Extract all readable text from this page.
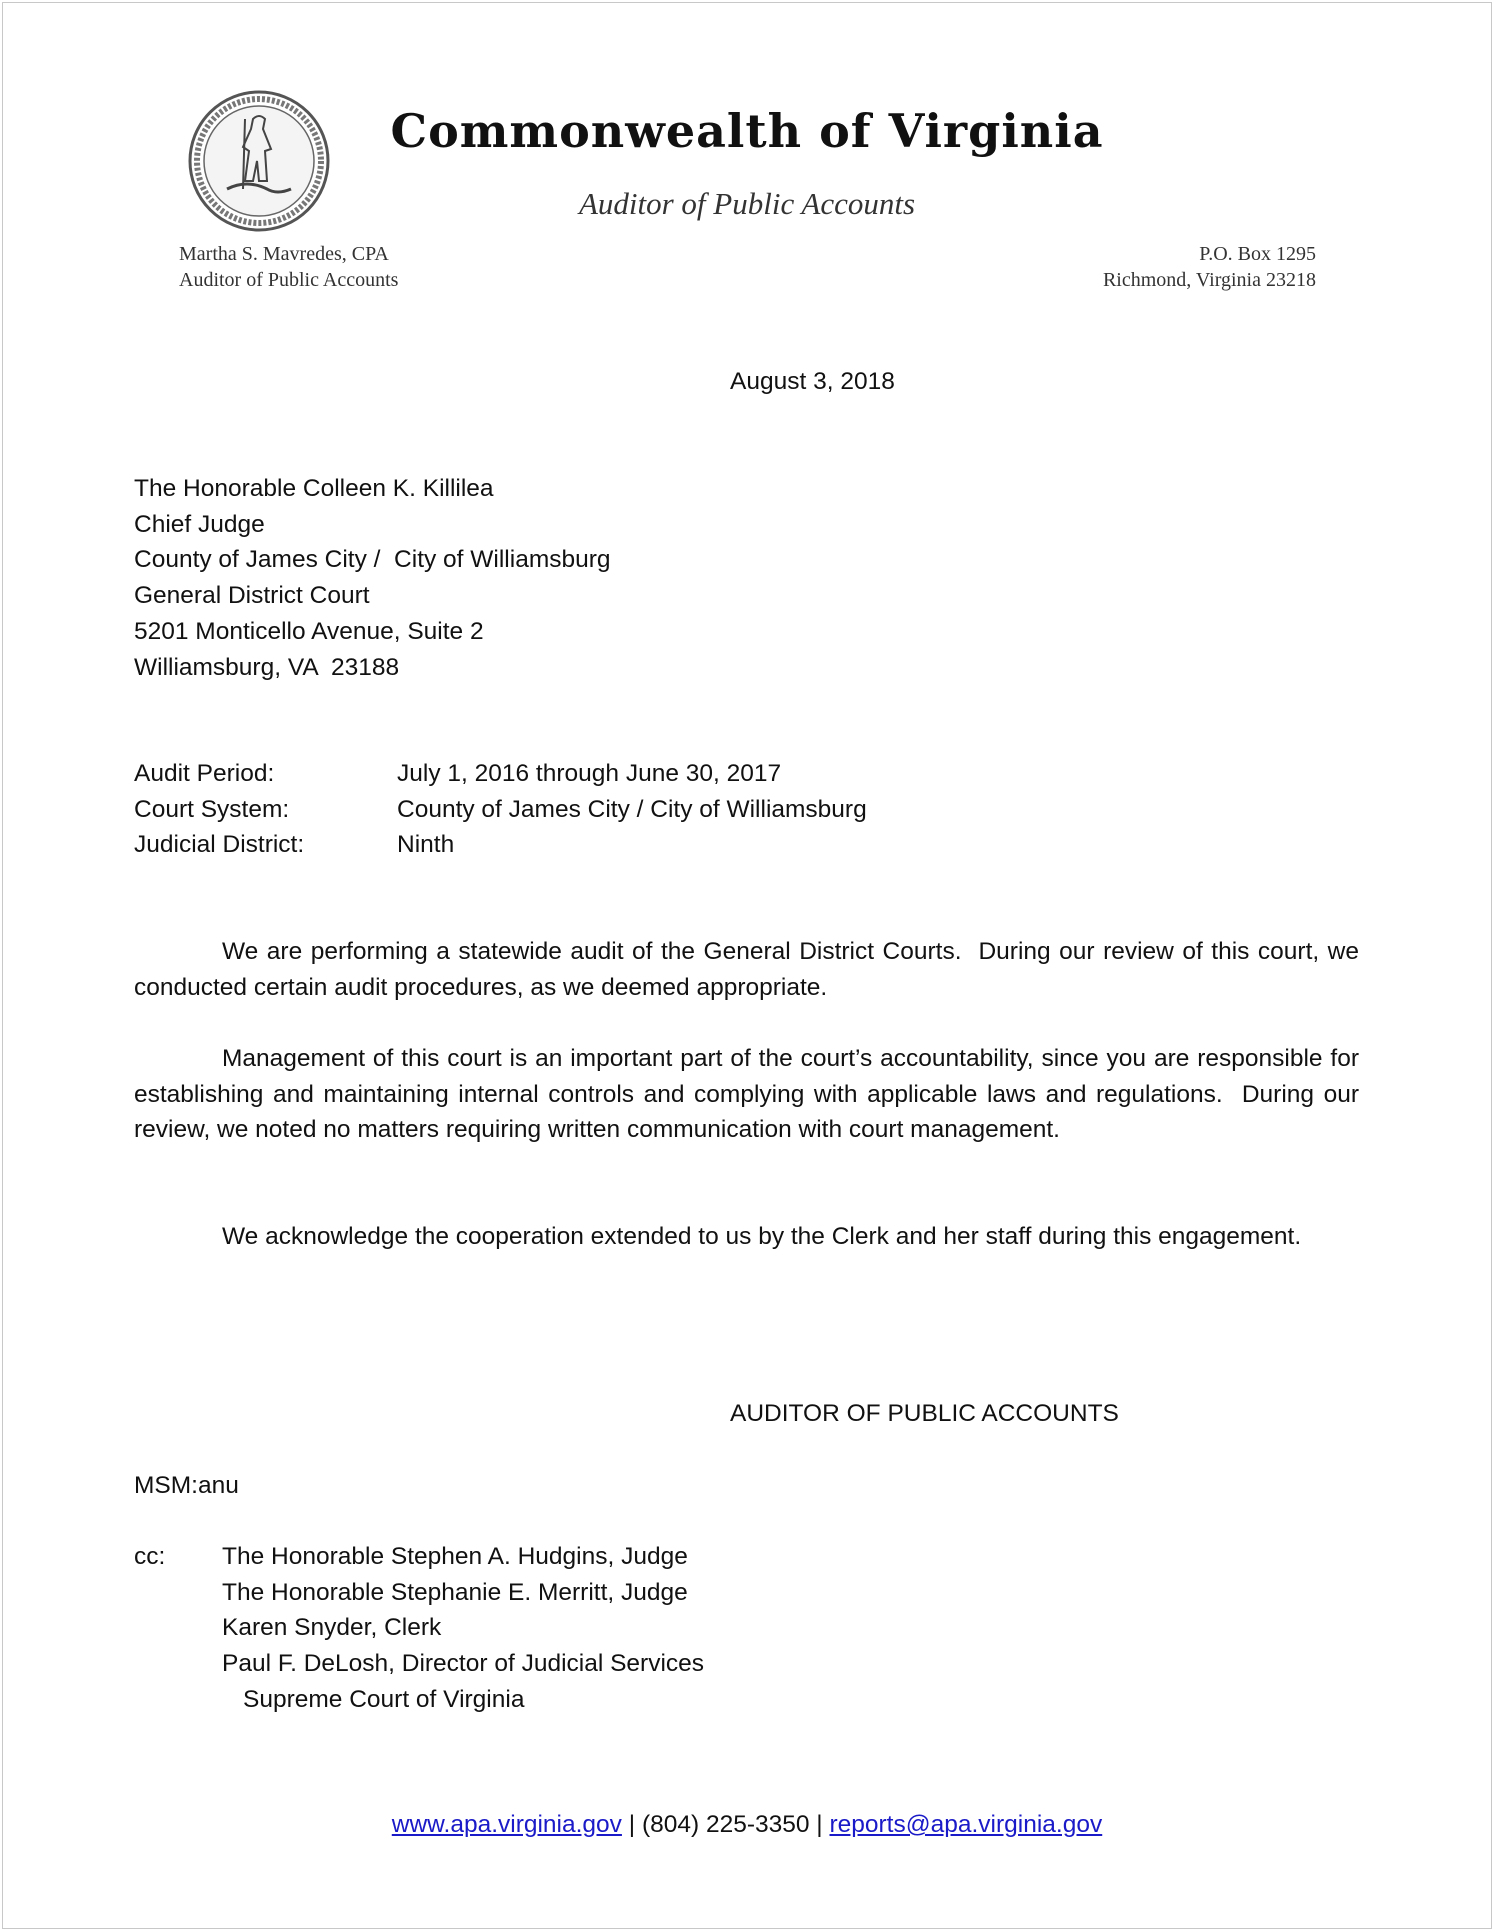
Commonwealth of Virginia
Auditor of Public Accounts
Martha S. Mavredes, CPA
Auditor of Public Accounts
P.O. Box 1295
Richmond, Virginia 23218
August 3, 2018
The Honorable Colleen K. Killilea
Chief Judge
County of James City /  City of Williamsburg
General District Court
5201 Monticello Avenue, Suite 2
Williamsburg, VA  23188
Audit Period:	July 1, 2016 through June 30, 2017
Court System:	County of James City / City of Williamsburg
Judicial District:	Ninth
We are performing a statewide audit of the General District Courts.  During our review of this court, we conducted certain audit procedures, as we deemed appropriate.
Management of this court is an important part of the court’s accountability, since you are responsible for establishing and maintaining internal controls and complying with applicable laws and regulations.  During our review, we noted no matters requiring written communication with court management.
We acknowledge the cooperation extended to us by the Clerk and her staff during this engagement.
AUDITOR OF PUBLIC ACCOUNTS
MSM:anu
cc: The Honorable Stephen A. Hudgins, Judge
The Honorable Stephanie E. Merritt, Judge
Karen Snyder, Clerk
Paul F. DeLosh, Director of Judicial Services
Supreme Court of Virginia
www.apa.virginia.gov | (804) 225-3350 | reports@apa.virginia.gov
